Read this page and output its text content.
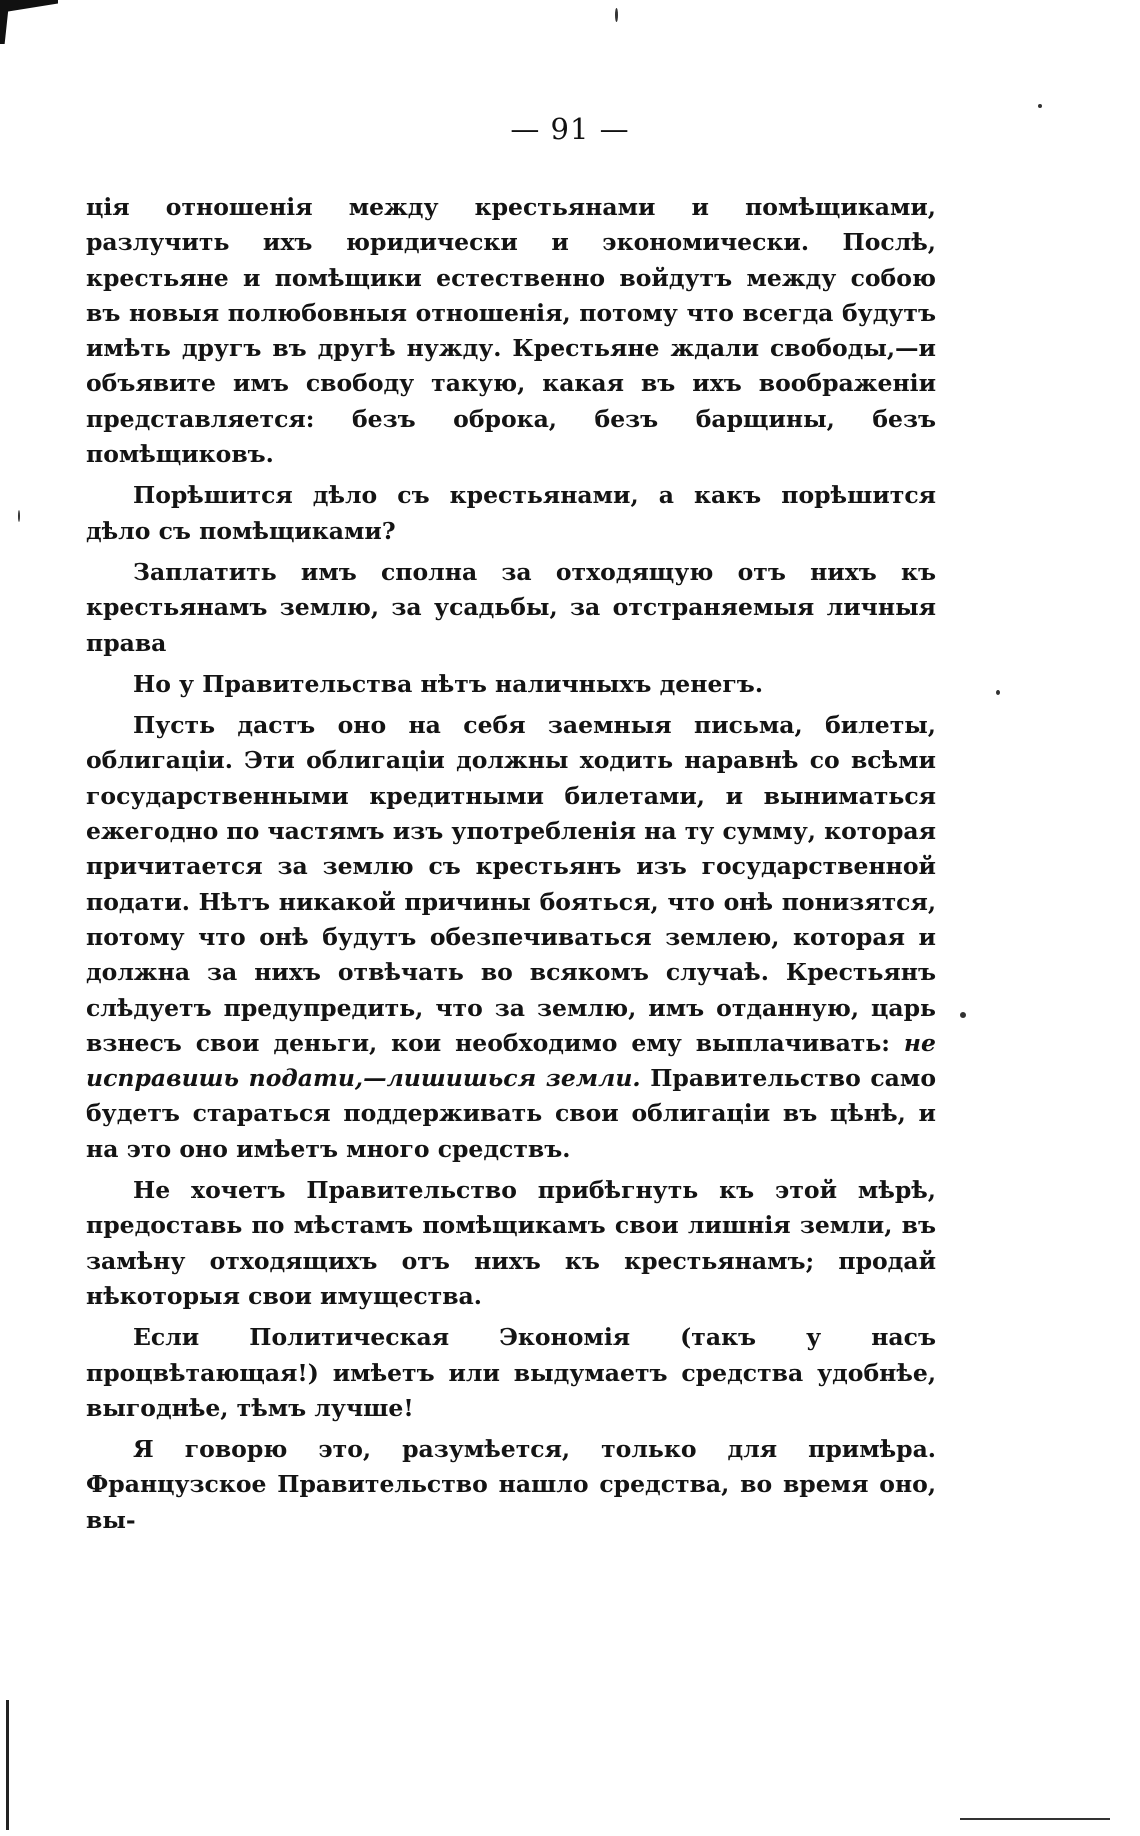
— 91 —

ція отношенія между крестьянами и помѣщиками, разлучить ихъ юридически и экономически. Послѣ, крестьяне и помѣщики естественно войдутъ между собою въ новыя полюбовныя отношенія, потому что всегда будутъ имѣть другъ въ другѣ нужду. Крестьяне ждали свободы,—и объявите имъ свободу такую, какая въ ихъ воображеніи представляется: безъ оброка, безъ барщины, безъ помѣщиковъ.

Порѣшится дѣло съ крестьянами, а какъ порѣшится дѣло съ помѣщиками?

Заплатить имъ сполна за отходящую отъ нихъ къ крестьянамъ землю, за усадьбы, за отстраняемыя личныя права

Но у Правительства нѣтъ наличныхъ денегъ.

Пусть дастъ оно на себя заемныя письма, билеты, облигаціи. Эти облигаціи должны ходить наравнѣ со всѣми государственными кредитными билетами, и выниматься ежегодно по частямъ изъ употребленія на ту сумму, которая причитается за землю съ крестьянъ изъ государственной подати. Нѣтъ никакой причины бояться, что онѣ понизятся, потому что онѣ будутъ обезпечиваться землею, которая и должна за нихъ отвѣчать во всякомъ случаѣ. Крестьянъ слѣдуетъ предупредить, что за землю, имъ отданную, царь взнесъ свои деньги, кои необходимо ему выплачивать: не исправишь подати,—лишишься земли. Правительство само будетъ стараться поддерживать свои облигаціи въ цѣнѣ, и на это оно имѣетъ много средствъ.

Не хочетъ Правительство прибѣгнуть къ этой мѣрѣ, предоставь по мѣстамъ помѣщикамъ свои лишнія земли, въ замѣну отходящихъ отъ нихъ къ крестьянамъ; продай нѣкоторыя свои имущества.

Если Политическая Экономія (такъ у насъ процвѣтающая!) имѣетъ или выдумаетъ средства удобнѣе, выгоднѣе, тѣмъ лучше!

Я говорю это, разумѣется, только для примѣра. Французское Правительство нашло средства, во время оно, вы-
